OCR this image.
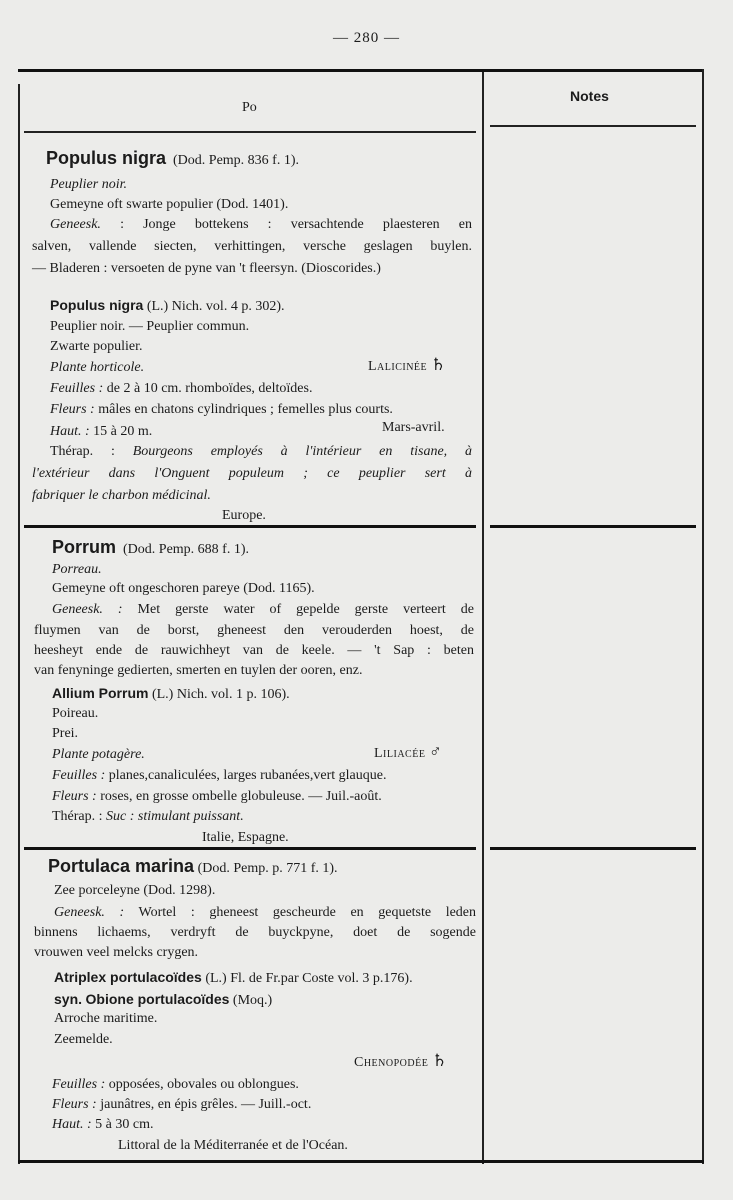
— 280 —
Po
Notes
Populus nigra (Dod. Pemp. 836 f. 1).
Peuplier noir.
Gemeyne oft swarte populier (Dod. 1401).
Geneesk. : Jonge bottekens : versachtende plaesteren en
salven, vallende siecten, verhittingen, versche geslagen buylen.
— Bladeren : versoeten de pyne van 't fleersyn. (Dioscorides.)
Populus nigra (L.) Nich. vol. 4 p. 302).
Peuplier noir. — Peuplier commun.
Zwarte populier.
Plante horticole.	Lalicinée ♄
Feuilles : de 2 à 10 cm. rhomboïdes, deltoïdes.
Fleurs : mâles en chatons cylindriques ; femelles plus courts.
Haut. : 15 à 20 m.	Mars-avril.
Thérap. : Bourgeons employés à l'intérieur en tisane, à
l'extérieur dans l'Onguent populeum ; ce peuplier sert à
fabriquer le charbon médicinal.
Europe.
Porrum (Dod. Pemp. 688 f. 1).
Porreau.
Gemeyne oft ongeschoren pareye (Dod. 1165).
Geneesk. : Met gerste water of gepelde gerste verteert de
fluymen van de borst, gheneest den verouderden hoest, de
heesheyt ende de rauwichheyt van de keele. — 't Sap : beten
van fenyninge gedierten, smerten en tuylen der ooren, enz.
Allium Porrum (L.) Nich. vol. 1 p. 106).
Poireau.
Prei.
Plante potagère.	Liliacée ♂
Feuilles : planes,canaliculées, larges rubanées,vert glauque.
Fleurs : roses, en grosse ombelle globuleuse. — Juil.-août.
Thérap. : Suc : stimulant puissant.
Italie, Espagne.
Portulaca marina (Dod. Pemp. p. 771 f. 1).
Zee porceleyne (Dod. 1298).
Geneesk. : Wortel : gheneest gescheurde en gequetste leden
binnens lichaems, verdryft de buyckpyne, doet de sogende
vrouwen veel melcks crygen.
Atriplex portulacoïdes (L.) Fl. de Fr.par Coste vol. 3 p.176).
syn. Obione portulacoïdes (Moq.)
Arroche maritime.
Zeemelde.
Chenopodée ♄
Feuilles : opposées, obovales ou oblongues.
Fleurs : jaunâtres, en épis grêles. — Juill.-oct.
Haut. : 5 à 30 cm.
Littoral de la Méditerranée et de l'Océan.
